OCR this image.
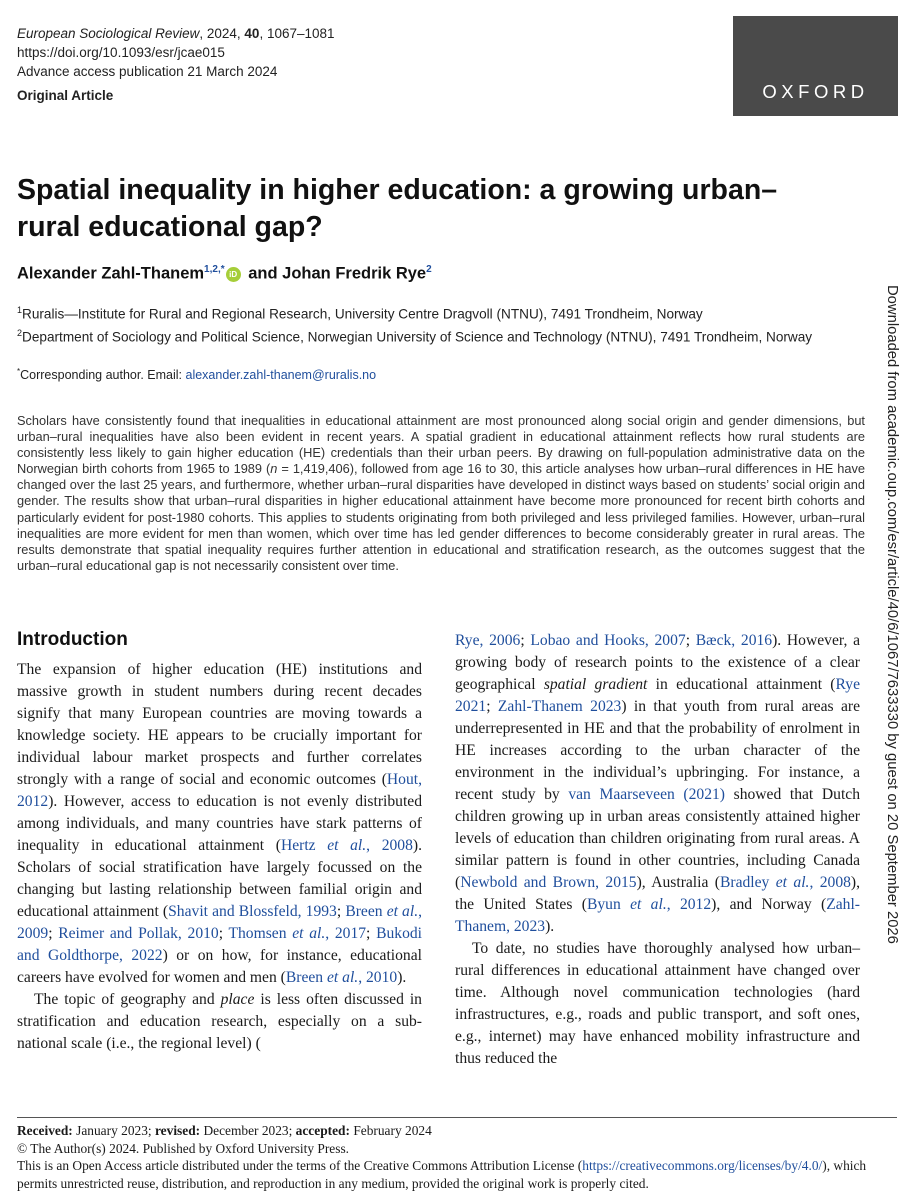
European Sociological Review, 2024, 40, 1067–1081
https://doi.org/10.1093/esr/jcae015
Advance access publication 21 March 2024
Original Article	OXFORD
Spatial inequality in higher education: a growing urban–rural educational gap?
Alexander Zahl-Thanem$^{1,2,*}$ iD and Johan Fredrik Rye$^2$
$^1$Ruralis—Institute for Rural and Regional Research, University Centre Dragvoll (NTNU), 7491 Trondheim, Norway
$^2$Department of Sociology and Political Science, Norwegian University of Science and Technology (NTNU), 7491 Trondheim, Norway
*Corresponding author. Email: alexander.zahl-thanem@ruralis.no

Scholars have consistently found that inequalities in educational attainment are most pronounced along social origin and gender dimensions, but urban–rural inequalities have also been evident in recent years. A spatial gradient in educational attainment reflects how rural students are consistently less likely to gain higher education (HE) credentials than their urban peers. By drawing on full-population administrative data on the Norwegian birth cohorts from 1965 to 1989 (n = 1,419,406), followed from age 16 to 30, this article analyses how urban–rural differences in HE have changed over the last 25 years, and furthermore, whether urban–rural disparities have developed in distinct ways based on students’ social origin and gender. The results show that urban–rural disparities in higher educational attainment have become more pronounced for recent birth cohorts and particularly evident for post-1980 cohorts. This applies to students originating from both privileged and less privileged families. However, urban–rural inequalities are more evident for men than women, which over time has led gender differences to become considerably greater in rural areas. The results demonstrate that spatial inequality requires further attention in educational and stratification research, as the outcomes suggest that the urban–rural educational gap is not necessarily consistent over time.	Downloaded from academic.oup.com/esr/article/40/6/1067/7633330 by guest on 20 September 2026
Introduction

The expansion of higher education (HE) institutions and massive growth in student numbers during recent decades signify that many European countries are moving towards a knowledge society. HE appears to be crucially important for individual labour market prospects and further correlates strongly with a range of social and economic outcomes (Hout, 2012). However, access to education is not evenly distributed among individuals, and many countries have stark patterns of inequality in educational attainment (Hertz et al., 2008). Scholars of social stratification have largely focussed on the changing but lasting relationship between familial origin and educational attainment (Shavit and Blossfeld, 1993; Breen et al., 2009; Reimer and Pollak, 2010; Thomsen et al., 2017; Bukodi and Goldthorpe, 2022) or on how, for instance, educational careers have evolved for women and men (Breen et al., 2010).

The topic of geography and place is less often discussed in stratification and education research, especially on a sub-national scale (i.e., the regional level) (

Rye, 2006; Lobao and Hooks, 2007; Bæck, 2016). However, a growing body of research points to the existence of a clear geographical spatial gradient in educational attainment (Rye 2021; Zahl-Thanem 2023) in that youth from rural areas are underrepresented in HE and that the probability of enrolment in HE increases according to the urban character of the environment in the individual’s upbringing. For instance, a recent study by van Maarseveen (2021) showed that Dutch children growing up in urban areas consistently attained higher levels of education than children originating from rural areas. A similar pattern is found in other countries, including Canada (Newbold and Brown, 2015), Australia (Bradley et al., 2008), the United States (Byun et al., 2012), and Norway (Zahl-Thanem, 2023).

To date, no studies have thoroughly analysed how urban–rural differences in educational attainment have changed over time. Although novel communication technologies (hard infrastructures, e.g., roads and public transport, and soft ones, e.g., internet) may have enhanced mobility infrastructure and thus reduced the

Received: January 2023; revised: December 2023; accepted: February 2024
© The Author(s) 2024. Published by Oxford University Press.
This is an Open Access article distributed under the terms of the Creative Commons Attribution License (https://creativecommons.org/licenses/by/4.0/), which permits unrestricted reuse, distribution, and reproduction in any medium, provided the original work is properly cited.
